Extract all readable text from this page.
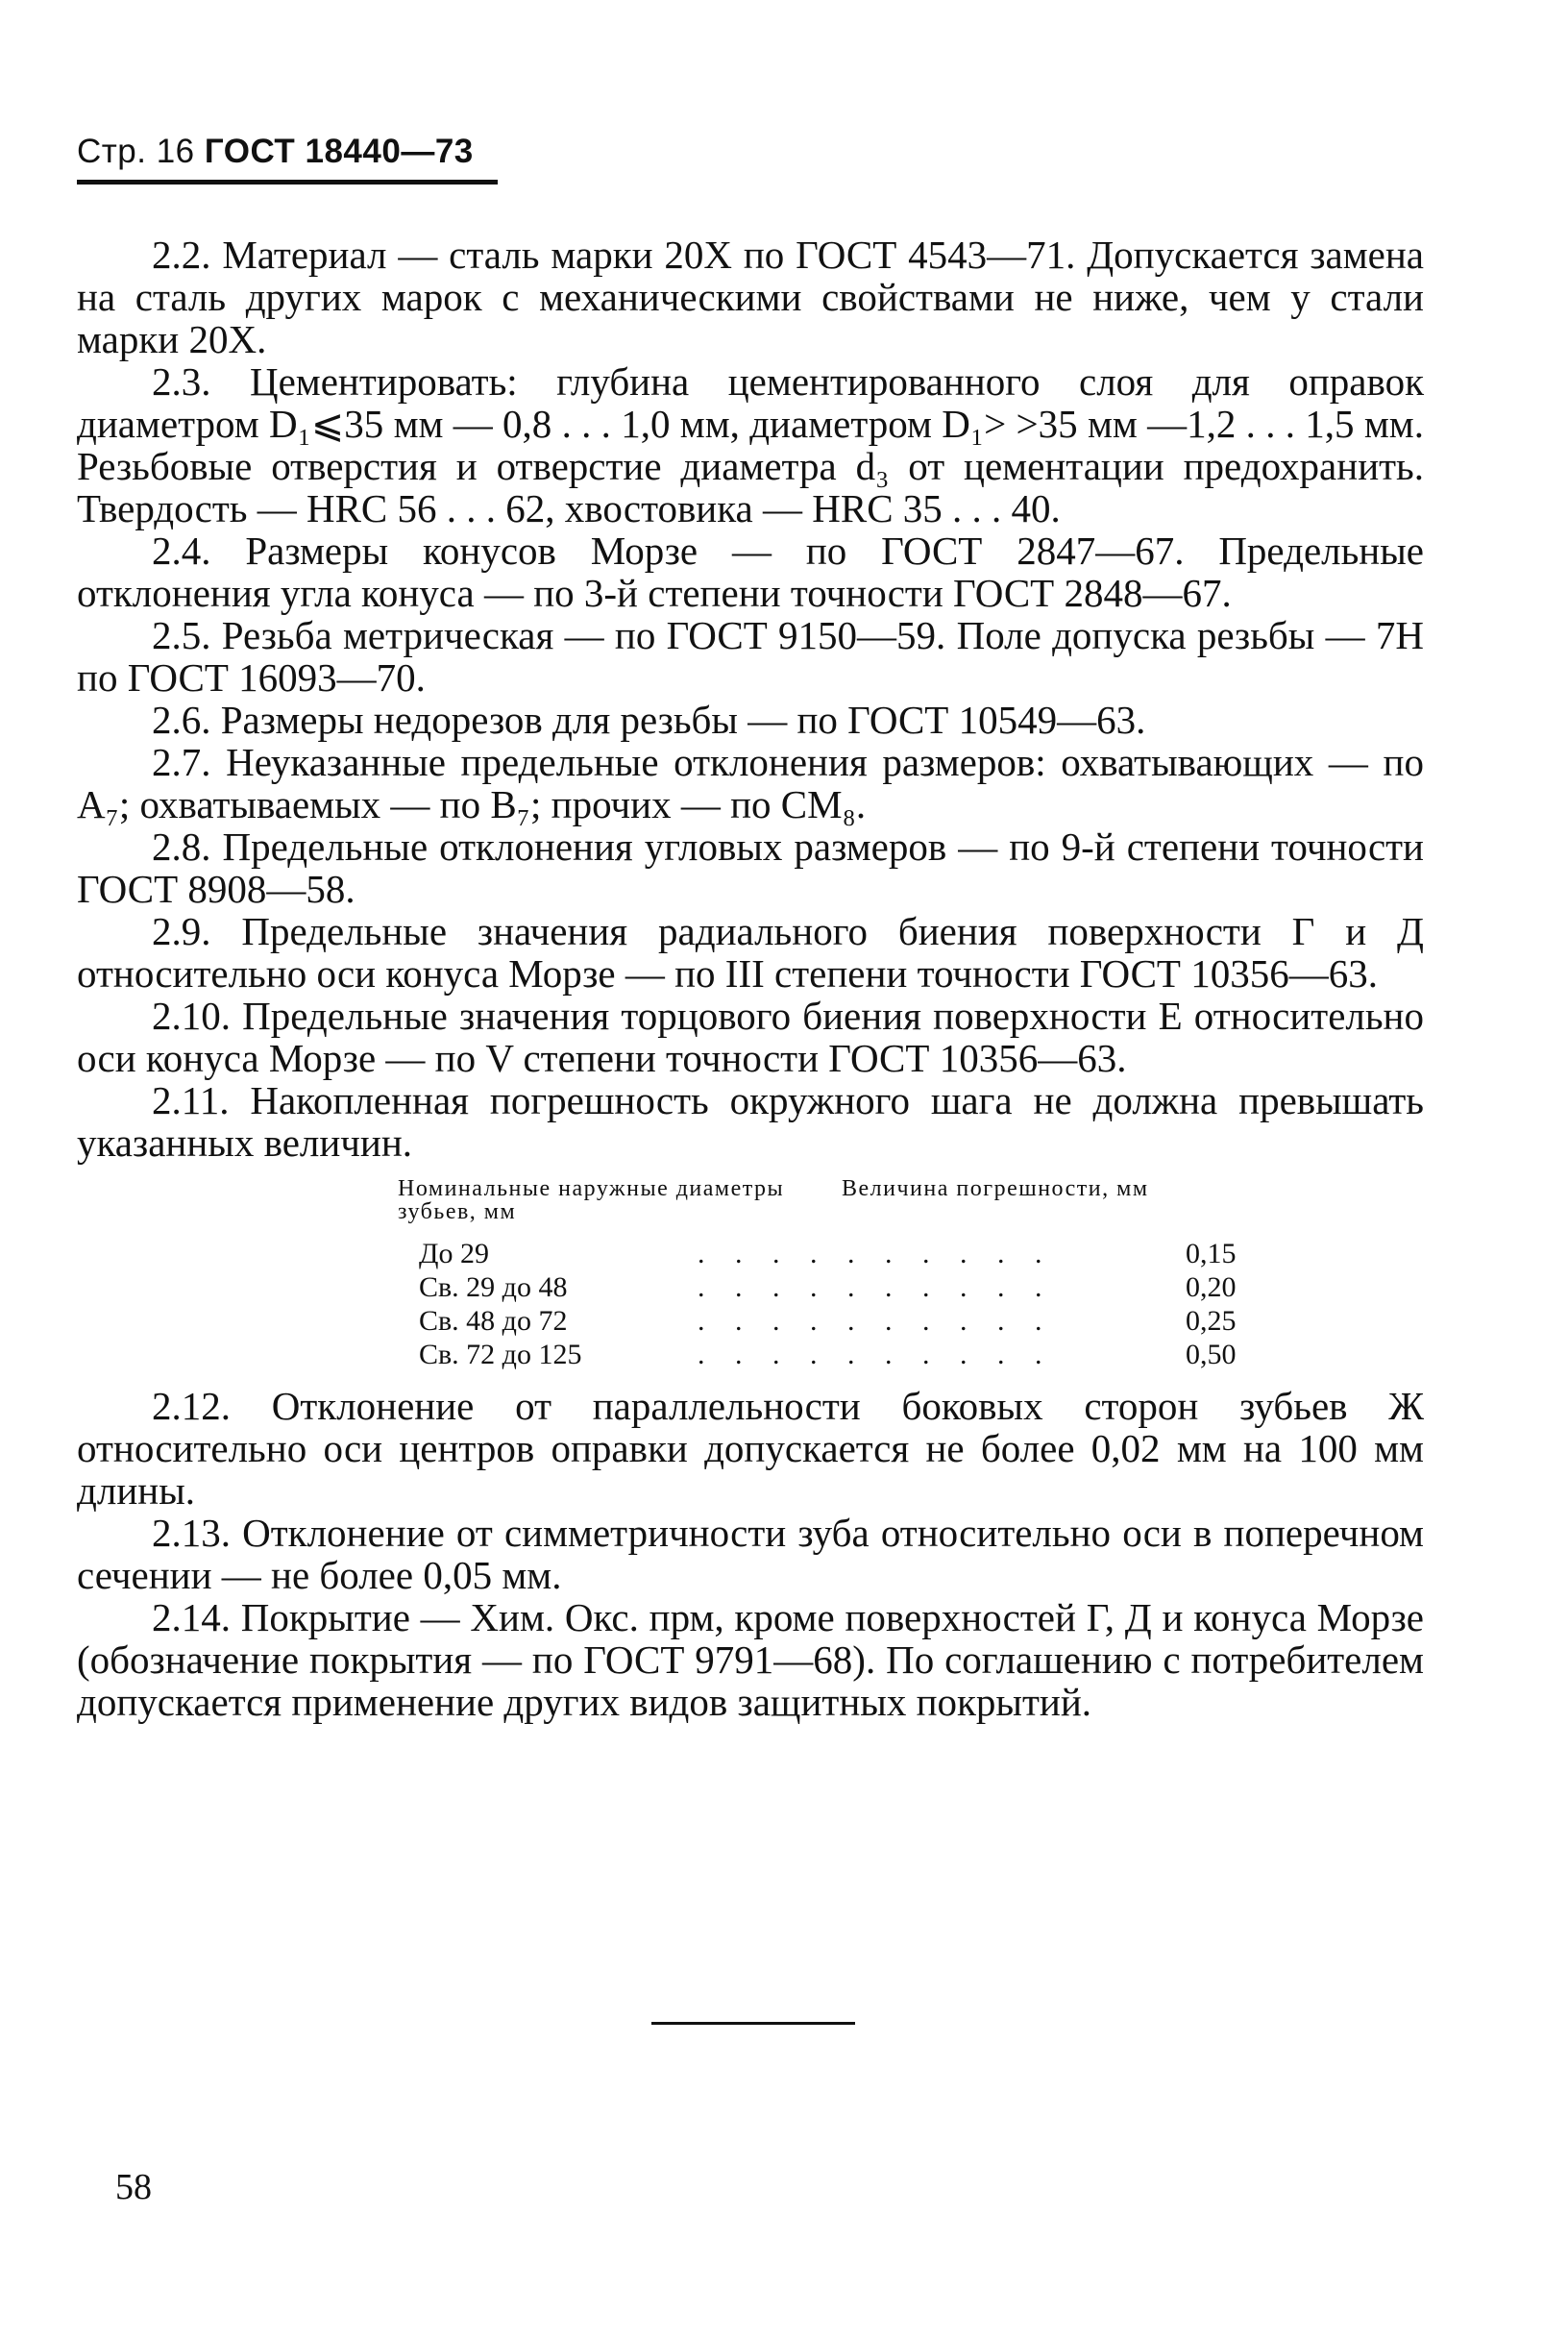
Стр. 16 ГОСТ 18440—73

2.2. Материал — сталь марки 20Х по ГОСТ 4543—71. Допускается замена на сталь других марок с механическими свойствами не ниже, чем у стали марки 20Х.

2.3. Цементировать: глубина цементированного слоя для оправок диаметром D₁⩽35 мм — 0,8 . . . 1,0 мм, диаметром D₁> >35 мм —1,2 . . . 1,5 мм. Резьбовые отверстия и отверстие диаметра d₃ от цементации предохранить. Твердость — HRC 56 . . . 62, хвостовика — HRC 35 . . . 40.

2.4. Размеры конусов Морзе — по ГОСТ 2847—67. Предельные отклонения угла конуса — по 3-й степени точности ГОСТ 2848—67.

2.5. Резьба метрическая — по ГОСТ 9150—59. Поле допуска резьбы — 7Н по ГОСТ 16093—70.

2.6. Размеры недорезов для резьбы — по ГОСТ 10549—63.

2.7. Неуказанные предельные отклонения размеров: охватывающих — по А₇; охватываемых — по В₇; прочих — по СМ₈.

2.8. Предельные отклонения угловых размеров — по 9-й степени точности ГОСТ 8908—58.

2.9. Предельные значения радиального биения поверхности Г и Д относительно оси конуса Морзе — по III степени точности ГОСТ 10356—63.

2.10. Предельные значения торцового биения поверхности Е относительно оси конуса Морзе — по V степени точности ГОСТ 10356—63.

2.11. Накопленная погрешность окружного шага не должна превышать указанных величин.

Номинальные наружные диаметры зубьев, мм
Величина погрешности, мм
До 29	. . . . . . . . . .	0,15
Св. 29 до 48	. . . . . . . . . .	0,20
Св. 48 до 72	. . . . . . . . . .	0,25
Св. 72 до 125	. . . . . . . . . .	0,50

2.12. Отклонение от параллельности боковых сторон зубьев Ж относительно оси центров оправки допускается не более 0,02 мм на 100 мм длины.

2.13. Отклонение от симметричности зуба относительно оси в поперечном сечении — не более 0,05 мм.

2.14. Покрытие — Хим. Окс. прм, кроме поверхностей Г, Д и конуса Морзе (обозначение покрытия — по ГОСТ 9791—68). По соглашению с потребителем допускается применение других видов защитных покрытий.

58
